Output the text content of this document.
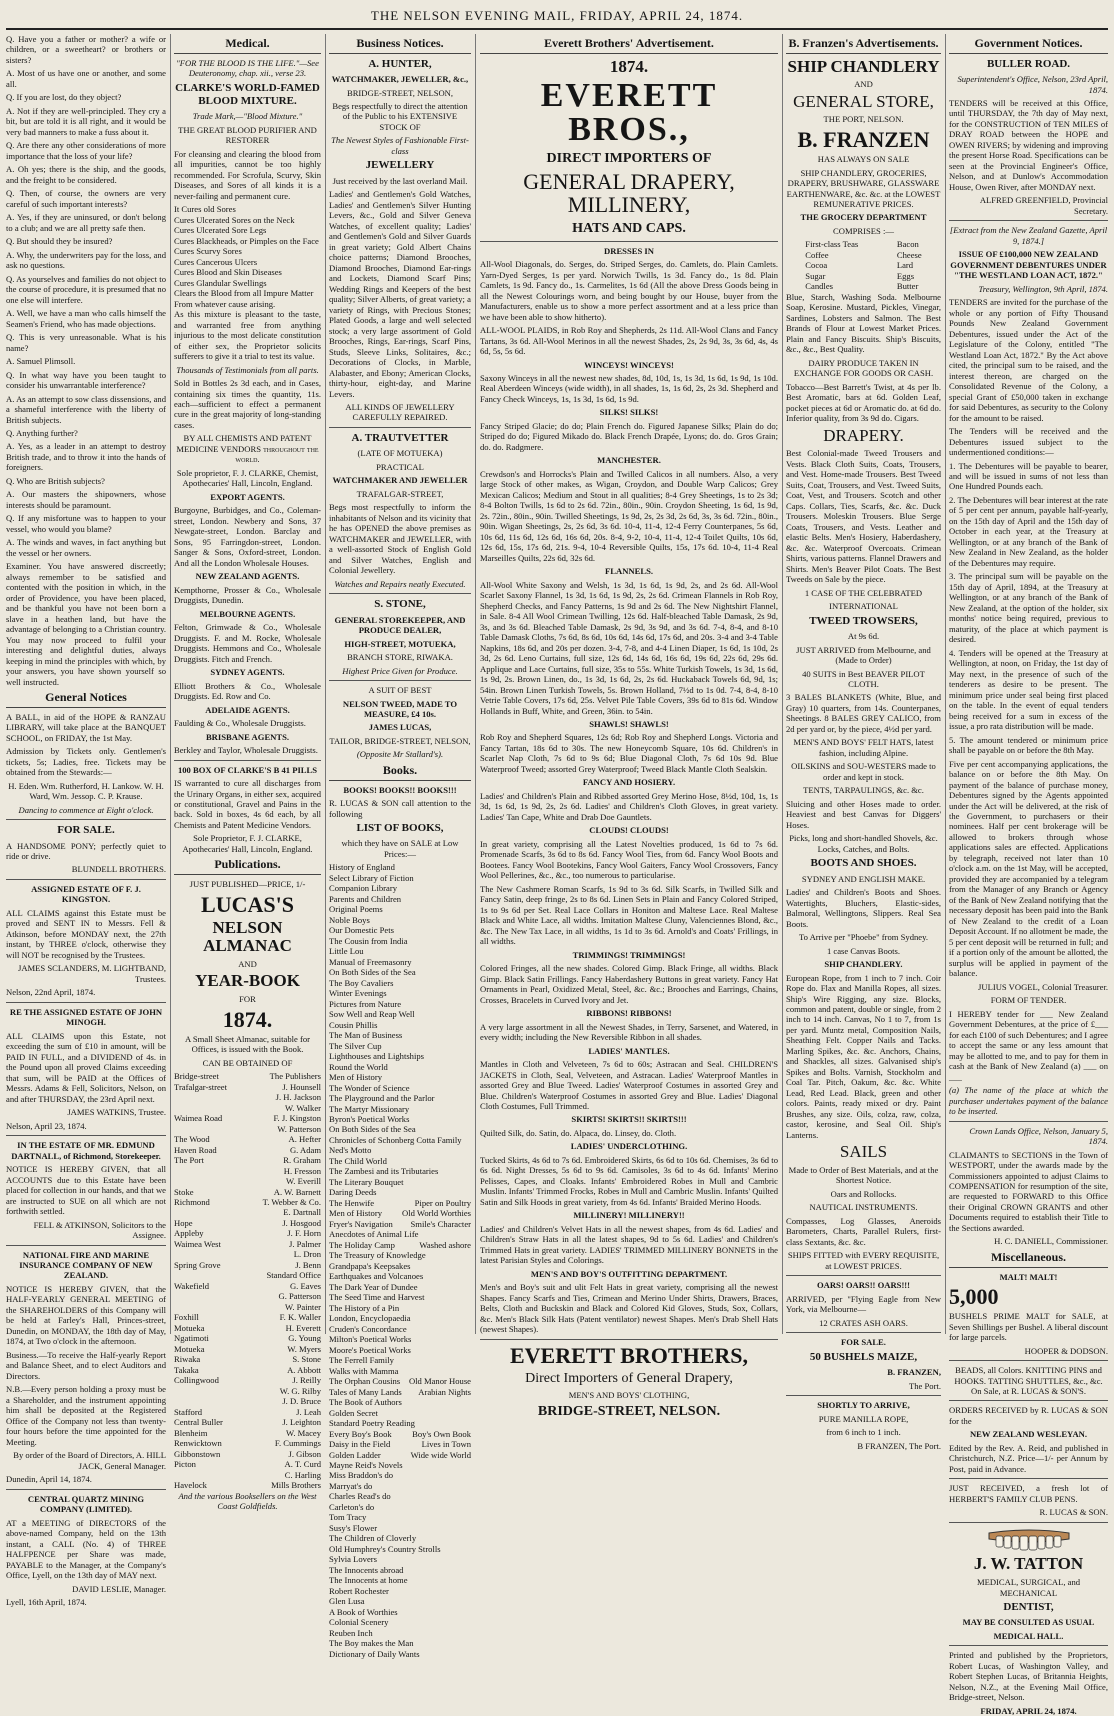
THE NELSON EVENING MAIL, FRIDAY, APRIL 24, 1874.

Q. Have you a father or mother? a wife or children, or a sweetheart? or brothers or sisters?

A. Most of us have one or another, and some all.

Q. If you are lost, do they object?

A. Not if they are well-principled. They cry a bit, but are told it is all right, and it would be very bad manners to make a fuss about it.

Q. Are there any other considerations of more importance that the loss of your life?

A. Oh yes; there is the ship, and the goods, and the freight to be considered.

Q. Then, of course, the owners are very careful of such important interests?

A. Yes, if they are uninsured, or don't belong to a club; and we are all pretty safe then.

Q. But should they be insured?

A. Why, the underwriters pay for the loss, and ask no questions.

Q. As yourselves and families do not object to the course of procedure, it is presumed that no one else will interfere.

A. Well, we have a man who calls himself the Seamen's Friend, who has made objections.

Q. This is very unreasonable. What is his name?

A. Samuel Plimsoll.

Q. In what way have you been taught to consider his unwarrantable interference?

A. As an attempt to sow class dissensions, and a shameful interference with the liberty of British subjects.

Q. Anything further?

A. Yes, as a leader in an attempt to destroy British trade, and to throw it into the hands of foreigners.

Q. Who are British subjects?

A. Our masters the shipowners, whose interests should be paramount.

Q. If any misfortune was to happen to your vessel, who would you blame?

A. The winds and waves, in fact anything but the vessel or her owners.

Examiner. You have answered discreetly; always remember to be satisfied and contented with the position in which, in the order of Providence, you have been placed, and be thankful you have not been born a slave in a heathen land, but have the advantage of belonging to a Christian country. You may now proceed to fulfil your interesting and delightful duties, always keeping in mind the principles with which, by your answers, you have shown yourself so well instructed.

General Notices

A BALL, in aid of the HOPE & RANZAU LIBRARY, will take place at the BANQUET SCHOOL, on FRIDAY, the 1st May.

Admission by Tickets only. Gentlemen's tickets, 5s; Ladies, free. Tickets may be obtained from the Stewards:—

H. Eden. Wm. Rutherford, H. Lankow. W. H. Ward, Wm. Jessop. C. P. Krause.

Dancing to commence at Eight o'clock.

FOR SALE.

A HANDSOME PONY; perfectly quiet to ride or drive.

BLUNDELL BROTHERS.

ASSIGNED ESTATE OF F. J. KINGSTON.

ALL CLAIMS against this Estate must be proved and SENT IN to Messrs. Fell & Atkinson, before MONDAY next, the 27th instant, by THREE o'clock, otherwise they will NOT be recognised by the Trustees.

JAMES SCLANDERS, M. LIGHTBAND, Trustees.

Nelson, 22nd April, 1874.

RE THE ASSIGNED ESTATE OF JOHN MINOGH.

ALL CLAIMS upon this Estate, not exceeding the sum of £10 in amount, will be PAID IN FULL, and a DIVIDEND of 4s. in the Pound upon all proved Claims exceeding that sum, will be PAID at the Offices of Messrs. Adams & Fell, Solicitors, Nelson, on and after THURSDAY, the 23rd April next.

JAMES WATKINS, Trustee.

Nelson, April 23, 1874.

IN THE ESTATE OF MR. EDMUND DARTNALL, of Richmond, Storekeeper.

NOTICE IS HEREBY GIVEN, that all ACCOUNTS due to this Estate have been placed for collection in our hands, and that we are instructed to SUE on all which are not forthwith settled.

FELL & ATKINSON, Solicitors to the Assignee.

NATIONAL FIRE AND MARINE INSURANCE COMPANY OF NEW ZEALAND.

NOTICE IS HEREBY GIVEN, that the HALF-YEARLY GENERAL MEETING of the SHAREHOLDERS of this Company will be held at Farley's Hall, Princes-street, Dunedin, on MONDAY, the 18th day of May, 1874, at Two o'clock in the afternoon.

Business.—To receive the Half-yearly Report and Balance Sheet, and to elect Auditors and Directors.

N.B.—Every person holding a proxy must be a Shareholder, and the instrument appointing him shall be deposited at the Registered Office of the Company not less than twenty-four hours before the time appointed for the Meeting.

By order of the Board of Directors, A. HILL JACK, General Manager.

Dunedin, April 14, 1874.

CENTRAL QUARTZ MINING COMPANY (LIMITED).

AT a MEETING of DIRECTORS of the above-named Company, held on the 13th instant, a CALL (No. 4) of THREE HALFPENCE per Share was made, PAYABLE to the Manager, at the Company's Office, Lyell, on the 13th day of MAY next.

DAVID LESLIE, Manager.

Lyell, 16th April, 1874.

Medical.

"FOR THE BLOOD IS THE LIFE."—See Deuteronomy, chap. xii., verse 23.

CLARKE'S WORLD-FAMED BLOOD MIXTURE.

Trade Mark,—"Blood Mixture."

THE GREAT BLOOD PURIFIER AND RESTORER

For cleansing and clearing the blood from all impurities, cannot be too highly recommended. For Scrofula, Scurvy, Skin Diseases, and Sores of all kinds it is a never-failing and permanent cure.

It Cures old Sores
Cures Ulcerated Sores on the Neck
Cures Ulcerated Sore Legs
Cures Blackheads, or Pimples on the Face
Cures Scurvy Sores
Cures Cancerous Ulcers
Cures Blood and Skin Diseases
Cures Glandular Swellings
Clears the Blood from all Impure Matter From whatever cause arising.

As this mixture is pleasant to the taste, and warranted free from anything injurious to the most delicate constitution of either sex, the Proprietor solicits sufferers to give it a trial to test its value.

Thousands of Testimonials from all parts.

Sold in Bottles 2s 3d each, and in Cases, containing six times the quantity, 11s. each—sufficient to effect a permanent cure in the great majority of long-standing cases.

BY ALL CHEMISTS AND PATENT MEDICINE VENDORS throughout the world.

Sole proprietor, F. J. CLARKE, Chemist, Apothecaries' Hall, Lincoln, England.

EXPORT AGENTS.

Burgoyne, Burbidges, and Co., Coleman-street, London. Newbery and Sons, 37 Newgate-street, London. Barclay and Sons, 95 Farringdon-street, London. Sanger & Sons, Oxford-street, London. And all the London Wholesale Houses.

NEW ZEALAND AGENTS.

Kempthorne, Prosser & Co., Wholesale Druggists, Dunedin.

MELBOURNE AGENTS.

Felton, Grimwade & Co., Wholesale Druggists. F. and M. Rocke, Wholesale Druggists. Hemmons and Co., Wholesale Druggists. Fitch and French.

SYDNEY AGENTS.

Elliott Brothers & Co., Wholesale Druggists. Ed. Row and Co.

ADELAIDE AGENTS.

Faulding & Co., Wholesale Druggists.

BRISBANE AGENTS.

Berkley and Taylor, Wholesale Druggists.

100 BOX OF CLARKE'S B 41 PILLS

IS warranted to cure all discharges from the Urinary Organs, in either sex, acquired or constitutional, Gravel and Pains in the back. Sold in boxes, 4s 6d each, by all Chemists and Patent Medicine Vendors.

Sole Proprietor, F. J. CLARKE, Apothecaries' Hall, Lincoln, England.

Publications.

JUST PUBLISHED—PRICE, 1/-

LUCAS'S

NELSON ALMANAC

AND

YEAR-BOOK

FOR

1874.

A Small Sheet Almanac, suitable for Offices, is issued with the Book.

CAN BE OBTAINED OF

Bridge-street	The Publishers
Trafalgar-street	J. Hounsell
J. H. Jackson
W. Walker
Waimea Road	F. J. Kingston
W. Patterson
The Wood	A. Hefter
Haven Road	G. Adam
The Port	R. Graham
H. Fresson
W. Everill
Stoke	A. W. Barnett
Richmond	T. Webber & Co.
E. Dartnall
Hope	J. Hosgood
Appleby	J. F. Horn
Waimea West	J. Palmer
L. Dron
Spring Grove	J. Benn
Standard Office
Wakefield	G. Eaves
G. Patterson
W. Painter
Foxhill	F. K. Waller
Motueka	H. Everett
Ngatimoti	G. Young
Motueka	W. Myers
Riwaka	S. Stone
Takaka	A. Abbott
Collingwood	J. Reilly
W. G. Rilby
J. D. Bruce
Stafford	J. Leah
Central Buller	J. Leighton
Blenheim	W. Macey
Renwicktown	F. Cummings
Gibbonstown	J. Gibson
Picton	A. T. Curd
C. Harling
Havelock	Mills Brothers

And the various Booksellers on the West Coast Goldfields.

Business Notices.

A. HUNTER,

WATCHMAKER, JEWELLER, &c.,

BRIDGE-STREET, NELSON,

Begs respectfully to direct the attention of the Public to his EXTENSIVE STOCK OF

The Newest Styles of Fashionable First-class

JEWELLERY

Just received by the last overland Mail.

Ladies' and Gentlemen's Gold Watches, Ladies' and Gentlemen's Silver Hunting Levers, &c., Gold and Silver Geneva Watches, of excellent quality; Ladies' and Gentlemen's Gold and Silver Guards in great variety; Gold Albert Chains choice patterns; Diamond Brooches, Diamond Brooches, Diamond Ear-rings and Lockets, Diamond Scarf Pins; Wedding Rings and Keepers of the best quality; Silver Alberts, of great variety; a variety of Rings, with Precious Stones; Plated Goods, a large and well selected stock; a very large assortment of Gold Brooches, Rings, Ear-rings, Scarf Pins, Studs, Sleeve Links, Solitaires, &c.; Decorations of Clocks, in Marble, Alabaster, and Ebony; American Clocks, thirty-hour, eight-day, and Marine Levers.

ALL KINDS OF JEWELLERY CAREFULLY REPAIRED.

A. TRAUTVETTER

(LATE OF MOTUEKA)

PRACTICAL

WATCHMAKER AND JEWELLER

TRAFALGAR-STREET,

Begs most respectfully to inform the inhabitants of Nelson and its vicinity that he has OPENED the above premises as WATCHMAKER and JEWELLER, with a well-assorted Stock of English Gold and Silver Watches, English and Colonial Jewellery.

Watches and Repairs neatly Executed.

S. STONE,

GENERAL STOREKEEPER, AND PRODUCE DEALER,

HIGH-STREET, MOTUEKA,

BRANCH STORE, RIWAKA.

Highest Price Given for Produce.

A SUIT OF BEST

NELSON TWEED, MADE TO MEASURE, £4 10s.

JAMES LUCAS,

TAILOR, BRIDGE-STREET, NELSON,

(Opposite Mr Stallard's).

Books.

BOOKS! BOOKS!! BOOKS!!!

R. LUCAS & SON call attention to the following

LIST OF BOOKS,

which they have on SALE at Low Prices:—

History of England
Select Library of Fiction
Companion Library
Parents and Children
Original Poems
Noble Boys
Our Domestic Pets
The Cousin from India
Little Lou
Manual of Freemasonry
On Both Sides of the Sea
The Boy Cavaliers
Winter Evenings
Pictures from Nature
Sow Well and Reap Well
Cousin Phillis
The Man of Business
The Silver Cup
Lighthouses and Lightships
Round the World
Men of History
The Wonder of Science
The Playground and the Parlor
The Martyr Missionary
Byron's Poetical Works
On Both Sides of the Sea
Chronicles of Schonberg Cotta Family
Ned's Motto
The Child World
The Zambesi and its Tributaries
The Literary Bouquet
Daring Deeds
The Henwife	Piper on Poultry
Men of History Old World Worthies
Fryer's Navigation Smile's Character
Anecdotes of Animal Life
The Holiday Camp	Washed ashore
The Treasury of Knowledge
Grandpapa's Keepsakes
Earthquakes and Volcanoes
The Dark Year of Dundee
The Seed Time and Harvest
The History of a Pin
London, Encyclopaedia
Cruden's Concordance
Milton's Poetical Works
Moore's Poetical Works
The Ferrell Family
Walks with Mamma
The Orphan Cousins Old Manor House
Tales of Many Lands Arabian Nights
The Book of Authors
Golden Secret
Standard Poetry Reading
Every Boy's Book Boy's Own Book
Daisy in the Field	Lives in Town
Golden Ladder	Wide wide World
Mayne Reid's Novels
Miss Braddon's do
Marryat's do
Charles Read's do
Carleton's do
Tom Tracy
Susy's Flower
The Children of Cloverly
Old Humphrey's Country Strolls
Sylvia Lovers
The Innocents abroad
The Innocents at home
Robert Rochester
Glen Lusa
A Book of Worthies
Colonial Scenery
Reuben Inch
The Boy makes the Man
Dictionary of Daily Wants
Everett Brothers' Advertisement.

1874.

EVERETT BROS.,

DIRECT IMPORTERS OF

GENERAL DRAPERY, MILLINERY,

HATS AND CAPS.

DRESSES IN

All-Wool Diagonals, do. Serges, do. Striped Serges, do. Camlets, do. Plain Camlets. Yarn-Dyed Serges, 1s per yard. Norwich Twills, 1s 3d. Fancy do., 1s 8d. Plain Camlets, 1s 9d. Fancy do., 1s. Carmelites, 1s 6d (All the above Dress Goods being in all the Newest Colourings worn, and being bought by our House, buyer from the Manufacturers, enable us to show a more perfect assortment and at a less price than we have been able to show hitherto).

ALL-WOOL PLAIDS, in Rob Roy and Shepherds, 2s 11d. All-Wool Clans and Fancy Tartans, 3s 6d. All-Wool Merinos in all the newest Shades, 2s, 2s 9d, 3s, 3s 6d, 4s, 4s 6d, 5s, 5s 6d.

WINCEYS! WINCEYS!

Saxony Winceys in all the newest new shades, 8d, 10d, 1s, 1s 3d, 1s 6d, 1s 9d, 1s 10d. Real Aberdeen Winceys (wide width), in all shades, 1s, 1s 6d, 2s, 2s 3d. Shepherd and Fancy Check Winceys, 1s, 1s 3d, 1s 6d, 1s 9d.

SILKS! SILKS!

Fancy Striped Glacie; do do; Plain French do. Figured Japanese Silks; Plain do do; Striped do do; Figured Mikado do. Black French Drapée, Lyons; do. do. Gros Grain; do. do. Radgmere.

MANCHESTER.

Crewdson's and Horrocks's Plain and Twilled Calicos in all numbers. Also, a very large Stock of other makes, as Wigan, Croydon, and Double Warp Calicos; Grey Mexican Calicos; Medium and Stout in all qualities; 8-4 Grey Sheetings, 1s to 2s 3d; 8-4 Bolton Twills, 1s 6d to 2s 6d. 72in., 80in., 90in. Croydon Sheeting, 1s 6d, 1s 9d, 2s. 72in., 80in., 90in. Twilled Sheetings, 1s 9d, 2s, 2s 3d, 2s 6d, 3s, 3s 6d. 72in., 80in., 90in. Wigan Sheetings, 2s, 2s 6d, 3s 6d. 10-4, 11-4, 12-4 Ferry Counterpanes, 5s 6d, 10s 6d, 11s 6d, 12s 6d, 16s 6d, 20s. 8-4, 9-2, 10-4, 11-4, 12-4 Toilet Quilts, 10s 6d, 12s 6d, 15s, 17s 6d, 21s. 9-4, 10-4 Reversible Quilts, 15s, 17s 6d. 10-4, 11-4 Real Marseilles Quilts, 22s 6d, 32s 6d.

FLANNELS.

All-Wool White Saxony and Welsh, 1s 3d, 1s 6d, 1s 9d, 2s, and 2s 6d. All-Wool Scarlet Saxony Flannel, 1s 3d, 1s 6d, 1s 9d, 2s, 2s 6d. Crimean Flannels in Rob Roy, Shepherd Checks, and Fancy Patterns, 1s 9d and 2s 6d. The New Nightshirt Flannel, in Sale. 8-4 All Wool Crimean Twilling, 12s 6d. Half-bleached Table Damask, 2s 9d, 3s, and 3s 6d. Bleached Table Damask, 2s 9d, 3s 9d, and 3s 6d. 7-4, 8-4, and 8-10 Table Damask Cloths, 7s 6d, 8s 6d, 10s 6d, 14s 6d, 17s 6d, and 20s. 3-4 and 3-4 Table Napkins, 18s 6d, and 20s per dozen. 3-4, 7-8, and 4-4 Linen Diaper, 1s 6d, 1s 10d, 2s 3d, 2s 6d. Leno Curtains, full size, 12s 6d, 14s 6d, 16s 6d, 19s 6d, 22s 6d, 29s 6d. Applique and Lace Curtains, full size, 35s to 55s. White Turkish Towels, 1s 3d, 1s 6d, 1s 9d, 2s. Brown Linen, do., 1s 3d, 1s 6d, 2s, 2s 6d. Huckaback Towels 6d, 9d, 1s; 54in. Brown Linen Turkish Towels, 5s. Brown Holland, 7½d to 1s 0d. 7-4, 8-4, 8-10 Vetrie Table Covers, 17s 6d, 25s. Velvet Pile Table Covers, 39s 6d to 81s 6d. Window Hollands in Buff, White, and Green, 36in. to 54in.

SHAWLS! SHAWLS!

Rob Roy and Shepherd Squares, 12s 6d; Rob Roy and Shepherd Longs. Victoria and Fancy Tartan, 18s 6d to 30s. The new Honeycomb Square, 10s 6d. Children's in Scarlet Nap Cloth, 7s 6d to 9s 6d; Blue Diagonal Cloth, 7s 6d 10s 9d. Blue Waterproof Tweed; assorted Grey Waterproof; Tweed Black Mantle Cloth Sealskin.

FANCY AND HOSIERY.

Ladies' and Children's Plain and Ribbed assorted Grey Merino Hose, 8½d, 10d, 1s, 1s 3d, 1s 6d, 1s 9d, 2s, 2s 6d. Ladies' and Children's Cloth Gloves, in great variety. Ladies' Tan Cape, White and Drab Doe Gauntlets.

CLOUDS! CLOUDS!

In great variety, comprising all the Latest Novelties produced, 1s 6d to 7s 6d. Promenade Scarfs, 3s 6d to 8s 6d. Fancy Wool Ties, from 6d. Fancy Wool Boots and Bootees. Fancy Wool Bootekins, Fancy Wool Gaiters, Fancy Wool Crossovers, Fancy Wool Pellerines, &c., &c., too numerous to particularise.

The New Cashmere Roman Scarfs, 1s 9d to 3s 6d. Silk Scarfs, in Twilled Silk and Fancy Satin, deep fringe, 2s to 8s 6d. Linen Sets in Plain and Fancy Colored Striped, 1s to 9s 6d per Set. Real Lace Collars in Honiton and Maltese Lace. Real Maltese Black and White Lace, all widths. Imitation Maltese Cluny, Valenciennes Blond, &c., &c. The New Tax Lace, in all widths, 1s 1d to 3s 6d. Arnold's and Coats' Frillings, in all widths.

TRIMMINGS! TRIMMINGS!

Colored Fringes, all the new shades. Colored Gimp. Black Fringe, all widths. Black Gimp. Black Satin Frillings. Fancy Haberdashery Buttons in great variety. Fancy Hat Ornaments in Pearl, Oxidized Metal, Steel, &c. &c.; Brooches and Earrings, Chains, Crosses, Bracelets in Curved Ivory and Jet.

RIBBONS! RIBBONS!

A very large assortment in all the Newest Shades, in Terry, Sarsenet, and Watered, in every width; including the New Reversible Ribbon in all shades.

LADIES' MANTLES.

Mantles in Cloth and Velveteen, 7s 6d to 60s; Astracan and Seal. CHILDREN'S JACKETS in Cloth, Seal, Velveteen, and Astracan. Ladies' Waterproof Mantles in assorted Grey and Blue Tweed. Ladies' Waterproof Costumes in assorted Grey and Blue. Children's Waterproof Costumes in assorted Grey and Blue. Ladies' Diagonal Cloth Costumes, Full Trimmed.

SKIRTS! SKIRTS!! SKIRTS!!!

Quilted Silk, do. Satin, do. Alpaca, do. Linsey, do. Cloth.

LADIES' UNDERCLOTHING.

Tucked Skirts, 4s 6d to 7s 6d. Embroidered Skirts, 6s 6d to 10s 6d. Chemises, 3s 6d to 6s 6d. Night Dresses, 5s 6d to 9s 6d. Camisoles, 3s 6d to 4s 6d. Infants' Merino Pelisses, Capes, and Cloaks. Infants' Embroidered Robes in Mull and Cambric Muslin. Infants' Trimmed Frocks, Robes in Mull and Cambric Muslin. Infants' Quilted Satin and Silk Hoods in great variety, from 4s 6d. Infants' Braided Merino Hoods.

MILLINERY! MILLINERY!!

Ladies' and Children's Velvet Hats in all the newest shapes, from 4s 6d. Ladies' and Children's Straw Hats in all the latest shapes, 9d to 5s 6d. Ladies' and Children's Trimmed Hats in great variety. LADIES' TRIMMED MILLINERY BONNETS in the latest Parisian Styles and Colorings.

MEN'S AND BOY'S OUTFITTING DEPARTMENT.

Men's and Boy's suit and ulit Felt Hats in great variety, comprising all the newest Shapes. Fancy Scarfs and Ties, Crimean and Merino Under Shirts, Drawers, Braces, Belts, Cloth and Buckskin and Black and Colored Kid Gloves, Studs, Sox, Collars, &c. Men's Black Silk Hats (Patent ventilator) newest Shapes. Men's Drab Shell Hats (newest Shapes).

EVERETT BROTHERS,

Direct Importers of General Drapery,

MEN'S AND BOYS' CLOTHING,

BRIDGE-STREET, NELSON.

B. Franzen's Advertisements.

SHIP CHANDLERY

AND

GENERAL STORE,

THE PORT, NELSON.

B. FRANZEN

HAS ALWAYS ON SALE

SHIP CHANDLERY, GROCERIES, DRAPERY, BRUSHWARE, GLASSWARE EARTHENWARE, &c. &c. at the LOWEST REMUNERATIVE PRICES.

THE GROCERY DEPARTMENT

COMPRISES :—

First-class Teas
Coffee
Cocoa
Sugar
Candles
Bacon
Cheese
Lard
Eggs
Butter

Blue, Starch, Washing Soda. Melbourne Soap, Kerosine. Mustard, Pickles, Vinegar, Sardines, Lobsters and Salmon. The Best Brands of Flour at Lowest Market Prices. Plain and Fancy Biscuits. Ship's Biscuits, &c., &c., Best Quality.

DAIRY PRODUCE TAKEN IN EXCHANGE FOR GOODS OR CASH.

Tobacco—Best Barrett's Twist, at 4s per lb. Best Aromatic, bars at 6d. Golden Leaf, pocket pieces at 6d or Aromatic do. at 6d do. Inferior quality, from 3s 9d do. Cigars.

DRAPERY.

Best Colonial-made Tweed Trousers and Vests. Black Cloth Suits, Coats, Trousers, and Vest. Home-made Trousers. Best Tweed Suits, Coat, Trousers, and Vest. Tweed Suits, Coat, Vest, and Trousers. Scotch and other Caps. Collars, Ties, Scarfs, &c. &c. Duck Trousers. Moleskin Trousers. Blue Serge Coats, Trousers, and Vests. Leather and elastic Belts. Men's Hosiery, Haberdashery, &c. &c. Waterproof Overcoats. Crimean Shirts, various patterns. Flannel Drawers and Shirts. Men's Beaver Pilot Coats. The Best Tweeds on Sale by the piece.

1 CASE OF THE CELEBRATED

INTERNATIONAL

TWEED TROWSERS,

At 9s 6d.

JUST ARRIVED from Melbourne, and (Made to Order)

40 SUITS in Best BEAVER PILOT CLOTH.

3 BALES BLANKETS (White, Blue, and Gray) 10 quarters, from 14s. Counterpanes, Sheetings. 8 BALES GREY CALICO, from 2d per yard or, by the piece, 4½d per yard.

MEN'S AND BOYS' FELT HATS, latest fashion, including Alpine.

OILSKINS and SOU-WESTERS made to order and kept in stock.

TENTS, TARPAULINGS, &c. &c.

Sluicing and other Hoses made to order. Heaviest and best Canvas for Diggers' Hoses.

Picks, long and short-handled Shovels, &c. Locks, Catches, and Bolts.

BOOTS AND SHOES.

SYDNEY AND ENGLISH MAKE.

Ladies' and Children's Boots and Shoes. Watertights, Bluchers, Elastic-sides, Balmoral, Wellingtons, Slippers. Real Sea Boots.

To Arrive per "Phoebe" from Sydney.

1 case Canvas Boots.

SHIP CHANDLERY.

European Rope, from 1 inch to 7 inch. Coir Rope do. Flax and Manilla Ropes, all sizes. Ship's Wire Rigging, any size. Blocks, common and patent, double or single, from 2 inch to 14 inch. Canvas, No 1 to 7, from 1s per yard. Muntz metal, Composition Nails, Sheathing Felt. Copper Nails and Tacks. Marling Spikes, &c. &c. Anchors, Chains, and Shackles, all sizes. Galvanised ship's Spikes and Bolts. Varnish, Stockholm and Coal Tar. Pitch, Oakum, &c. &c. White Lead, Red Lead. Black, green and other colors. Paints, ready mixed or dry. Paint Brushes, any size. Oils, colza, raw, colza, castor, kerosine, and Seal Oil. Ship's Lanterns.

SAILS

Made to Order of Best Materials, and at the Shortest Notice.

Oars and Rollocks.

NAUTICAL INSTRUMENTS.

Compasses, Log Glasses, Aneroids Barometers, Charts, Parallel Rulers, first-class Sextants, &c. &c.

SHIPS FITTED with EVERY REQUISITE, at LOWEST PRICES.

OARS! OARS!! OARS!!!

ARRIVED, per "Flying Eagle from New York, via Melbourne—

12 CRATES ASH OARS.

FOR SALE.

50 BUSHELS MAIZE,

B. FRANZEN,

The Port.

SHORTLY TO ARRIVE,

PURE MANILLA ROPE,

from 6 inch to 1 inch.

B FRANZEN, The Port.

Government Notices.

BULLER ROAD.

Superintendent's Office, Nelson, 23rd April, 1874.

TENDERS will be received at this Office, until THURSDAY, the 7th day of May next, for the CONSTRUCTION of TEN MILES of DRAY ROAD between the HOPE and OWEN RIVERS; by widening and improving the present Horse Road. Specifications can be seen at the Provincial Engineer's Office, Nelson, and at Dunlow's Accommodation House, Owen River, after MONDAY next.

ALFRED GREENFIELD, Provincial Secretary.

[Extract from the New Zealand Gazette, April 9, 1874.]

ISSUE OF £100,000 NEW ZEALAND GOVERNMENT DEBENTURES UNDER "THE WESTLAND LOAN ACT, 1872."

Treasury, Wellington, 9th April, 1874.

TENDERS are invited for the purchase of the whole or any portion of Fifty Thousand Pounds New Zealand Government Debentures, issued under the Act of the Legislature of the Colony, entitled "The Westland Loan Act, 1872." By the Act above cited, the principal sum to be raised, and the interest thereon, are charged on the Consolidated Revenue of the Colony, a special Grant of £50,000 taken in exchange for said Debentures, as security to the Colony for the amount to be raised.

The Tenders will be received and the Debentures issued subject to the undermentioned conditions:—

1. The Debentures will be payable to bearer, and will be issued in sums of not less than One Hundred Pounds each.

2. The Debentures will bear interest at the rate of 5 per cent per annum, payable half-yearly, on the 15th day of April and the 15th day of October in each year, at the Treasury at Wellington, or at any branch of the Bank of New Zealand in New Zealand, as the holder of the Debentures may require.

3. The principal sum will be payable on the 15th day of April, 1894, at the Treasury at Wellington, or at any branch of the Bank of New Zealand, at the option of the holder, six months' notice being required, previous to maturity, of the place at which payment is desired.

4. Tenders will be opened at the Treasury at Wellington, at noon, on Friday, the 1st day of May next, in the presence of such of the tenderers as desire to be present. The minimum price under seal being first placed on the table. In the event of equal tenders being received for a sum in excess of the issue, a pro rata distribution will be made.

5. The amount tendered or minimum price shall be payable on or before the 8th May.

Five per cent accompanying applications, the balance on or before the 8th May. On payment of the balance of purchase money, Debentures signed by the Agents appointed under the Act will be delivered, at the risk of the Government, to purchasers or their nominees. Half per cent brokerage will be allowed to brokers through whose applications sales are effected. Applications by telegraph, received not later than 10 o'clock a.m. on the 1st May, will be accepted, provided they are accompanied by a telegram from the Manager of any Branch or Agency of the Bank of New Zealand notifying that the necessary deposit has been paid into the Bank of New Zealand to the credit of a Loan Deposit Account. If no allotment be made, the 5 per cent deposit will be returned in full; and if a portion only of the amount be allotted, the surplus will be applied in payment of the balance.

JULIUS VOGEL, Colonial Treasurer.

FORM OF TENDER.

I HEREBY tender for ___ New Zealand Government Debentures, at the price of £___ for each £100 of such Debentures; and I agree to accept the same or any less amount that may be allotted to me, and to pay for them in cash at the Bank of New Zealand (a) ___ on ___

(a) The name of the place at which the purchaser undertakes payment of the balance to be inserted.

Crown Lands Office, Nelson, January 5, 1874.

CLAIMANTS to SECTIONS in the Town of WESTPORT, under the awards made by the Commissioners appointed to adjust Claims to COMPENSATION for resumption of the site, are requested to FORWARD to this Office their Original CROWN GRANTS and other Documents required to establish their Title to the Sections awarded.

H. C. DANIELL, Commissioner.

Miscellaneous.

MALT! MALT!

5,000

BUSHELS PRIME MALT for SALE, at Seven Shillings per Bushel. A liberal discount for large parcels.

HOOPER & DODSON.

BEADS, all Colors. KNITTING PINS and HOOKS. TATTING SHUTTLES, &c., &c. On Sale, at R. LUCAS & SON'S.

ORDERS RECEIVED by R. LUCAS & SON for the

NEW ZEALAND WESLEYAN.

Edited by the Rev. A. Reid, and published in Christchurch, N.Z. Price—1/- per Annum by Post, paid in Advance.

JUST RECEIVED, a fresh lot of HERBERT'S FAMILY CLUB PENS.

R. LUCAS & SON.

J. W. TATTON

MEDICAL, SURGICAL, and MECHANICAL

DENTIST,

MAY BE CONSULTED AS USUAL

MEDICAL HALL.

Printed and published by the Proprietors, Robert Lucas, of Washington Valley, and Robert Stephen Lucas, of Britannia Heights, Nelson, N.Z., at the Evening Mail Office, Bridge-street, Nelson.

FRIDAY, APRIL 24, 1874.
